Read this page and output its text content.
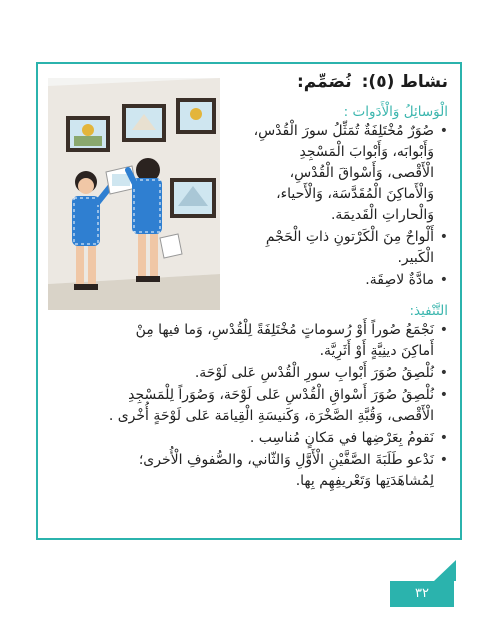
نشاط (٥):
نُصَمِّم:
الْوَسائِلُ وَالْأَدَوات :
• صُوَرٌ مُخْتَلِفَةٌ تُمَثِّلُ سورَ الْقُدْسِ،
وَأَبْوابَه، وَأَبْوابَ الْمَسْجِدِ
الْأَقْصى، وَأَسْواقَ الْقُدْسِ،
وَالْأَماكِنَ الْمُقَدَّسَة، وَالْأَحياء،
وَالْحاراتِ الْقَديمَة.
• أَلْواحٌ مِنَ الْكَرْتونِ ذاتِ الْحَجْمِ
الْكَبير.
• مادَّةٌ لاصِقَة.
التَّنْفيذ:
• نَجْمَعُ صُوراً أَوْ رُسوماتٍ مُخْتَلِفَةً لِلْقُدْسِ، وَما فيها مِنْ
أَماكِنَ دينِيَّةٍ أَوْ أَثَرِيَّة.
• نُلْصِقُ صُوَرَ أَبْوابِ سورِ الْقُدْسِ عَلى لَوْحَة.
• نُلْصِقُ صُوَرَ أَسْواقِ الْقُدْسِ عَلى لَوْحَة، وَصُوَراً لِلْمَسْجِدِ
الْأَقْصى، وَقُبَّةِ الصَّخْرَة، وَكَنيسَةِ الْقِيامَة عَلى لَوْحَةٍ أُخْرى .
• نَقومُ بِعَرْضِها في مَكانٍ مُناسِب .
• نَدْعو طَلَبَةَ الصَّفَّيْنِ الْأَوَّلِ وَالثّاني، والصُّفوفِ الْأُخرى؛
لِمُشاهَدَتِها وَتَعْريفِهِم بِها.
٣٢
